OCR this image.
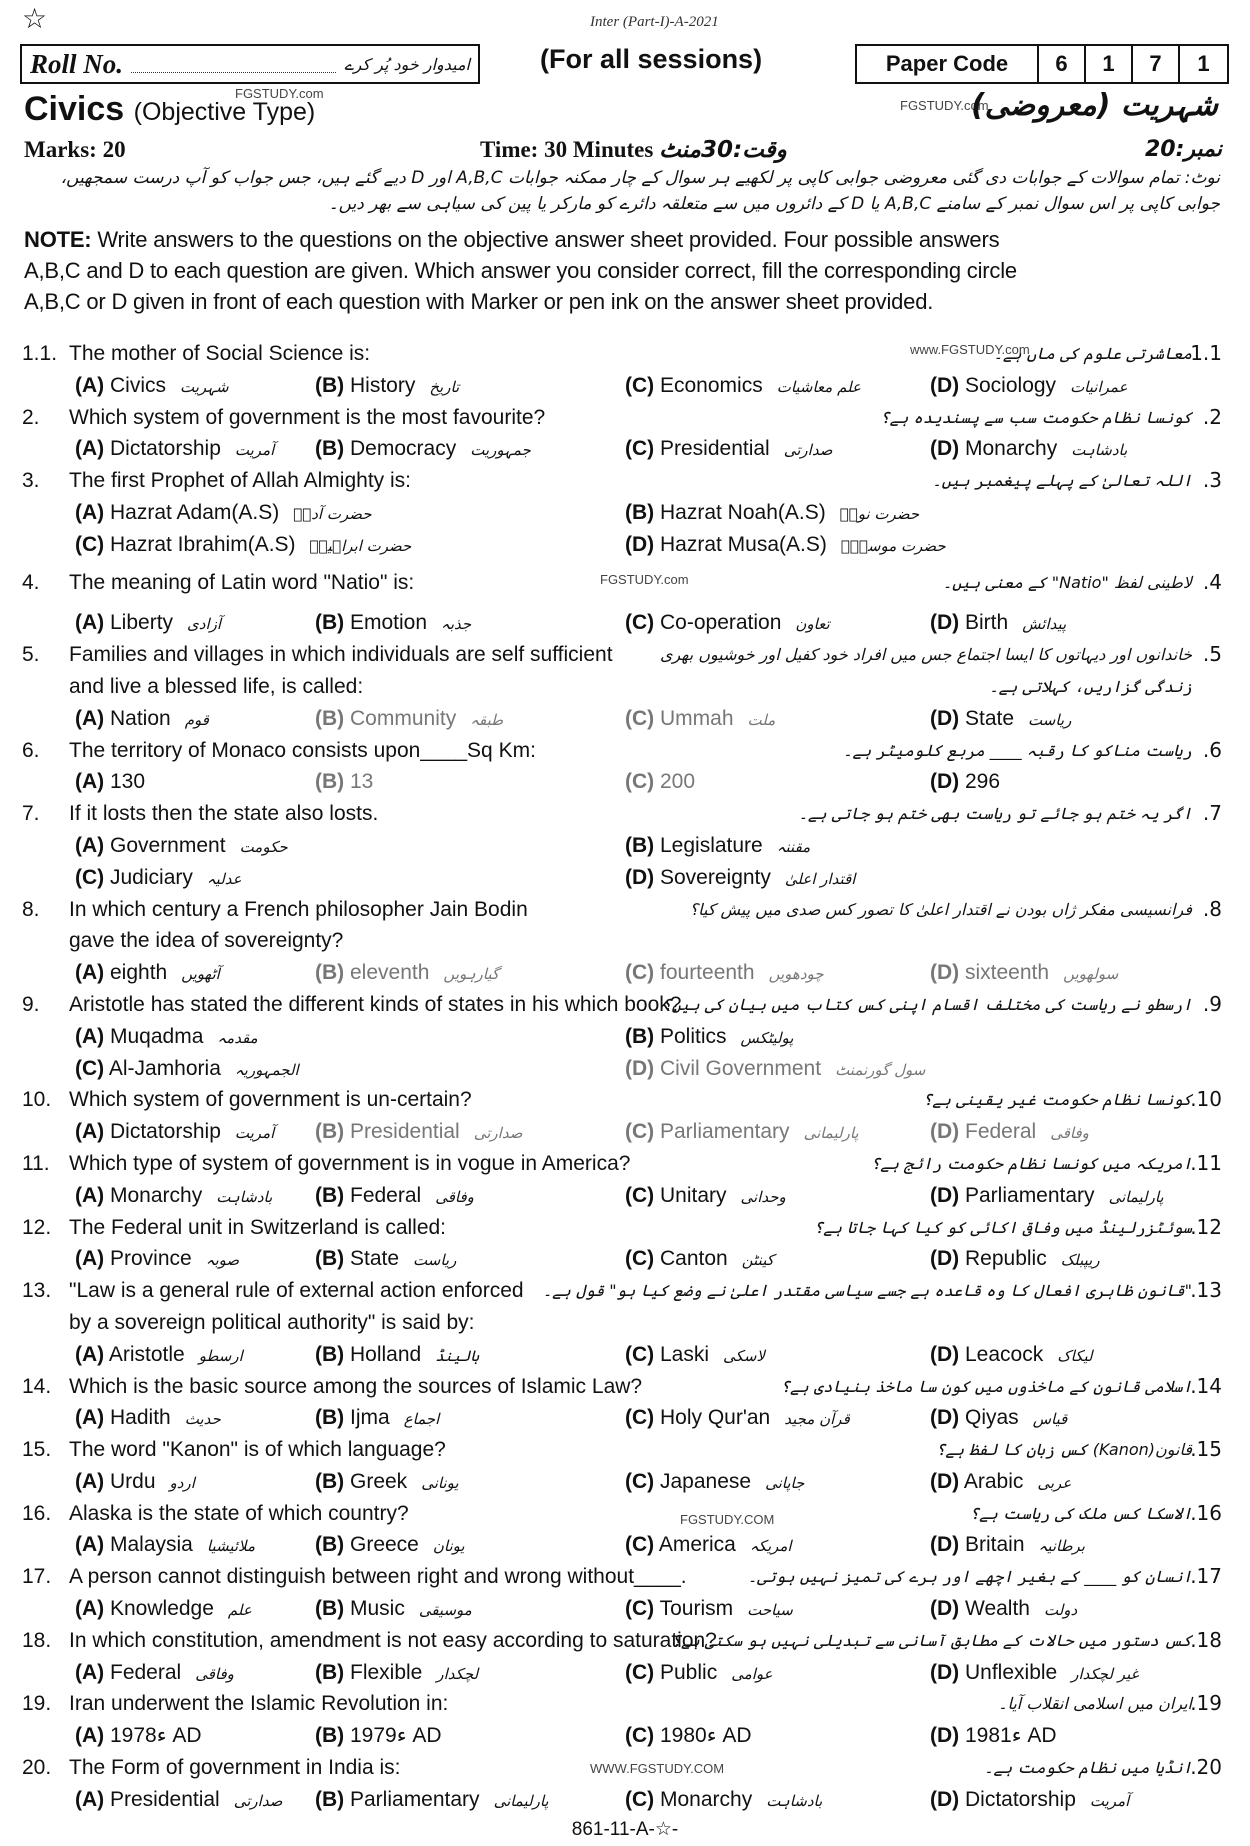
☆	Inter (Part-I)-A-2021
Roll No.	امیدوار خود پُر کرے	(For all sessions)	Paper Code	6	1	7	1
FGSTUDY.com
FGSTUDY.com
Civics (Objective Type)	شہریت (معروضی)
Marks: 20	Time: 30 Minutes وقت:30منٹ	نمبر:20
نوٹ: تمام سوالات کے جوابات دی گئی معروضی جوابی کاپی پر لکھیے ہر سوال کے چار ممکنہ جوابات A,B,C اور D دیے گئے ہیں، جس جواب کو آپ درست سمجھیں،
جوابی کاپی پر اس سوال نمبر کے سامنے A,B,C یا D کے دائروں میں سے متعلقہ دائرے کو مارکر یا پین کی سیاہی سے بھر دیں۔
NOTE: Write answers to the questions on the objective answer sheet provided. Four possible answers
A,B,C and D to each question are given. Which answer you consider correct, fill the corresponding circle
A,B,C or D given in front of each question with Marker or pen ink on the answer sheet provided.
1.1.	1.1
The mother of Social Science is:	معاشرتی علوم کی ماں ہے۔
(A) Civics شہریت	(B) History تاریخ	(C) Economics علم معاشیات	(D) Sociology عمرانیات
2.	2.
Which system of government is the most favourite?	کونسا نظام حکومت سب سے پسندیدہ ہے؟
(A) Dictatorship آمریت (B) Democracy جمہوریت	(C) Presidential صدارتی	(D) Monarchy بادشاہت
3.	3.
The first Prophet of Allah Almighty is:	اللہ تعالیٰ کے پہلے پیغمبر ہیں۔
(A) Hazrat Adam(A.S) حضرت آدمؑ	(B) Hazrat Noah(A.S) حضرت نوحؑ
(C) Hazrat Ibrahim(A.S) حضرت ابراہیمؑ	(D) Hazrat Musa(A.S) حضرت موسیٰؑ
4.	4.
The meaning of Latin word "Natio" is:	لاطینی لفظ "Natio" کے معنی ہیں۔
(A) Liberty آزادی	(B) Emotion جذبہ	(C) Co-operation تعاون	(D) Birth پیدائش
5.	5.
Families and villages in which individuals are self sufficient	خاندانوں اور دیہاتوں کا ایسا اجتماع جس میں افراد خود کفیل اور خوشیوں بھری
and live a blessed life, is called:	زندگی گزاریں، کہلاتی ہے۔
(A) Nation قوم	(B) Community طبقہ	(C) Ummah ملت	(D) State ریاست
6.	6.
The territory of Monaco consists upon____Sq Km:	ریاست مناکو کا رقبہ ____ مربع کلومیٹر ہے۔
(A) 130	(B) 13	(C) 200	(D) 296
7.	7.
If it losts then the state also losts.	اگر یہ ختم ہو جائے تو ریاست بھی ختم ہو جاتی ہے۔
(A) Government حکومت	(B) Legislature مقننہ
(C) Judiciary عدلیہ	(D) Sovereignty اقتدار اعلیٰ
8.	8.
In which century a French philosopher Jain Bodin	فرانسیسی مفکر ژاں بودن نے اقتدار اعلیٰ کا تصور کس صدی میں پیش کیا؟
gave the idea of sovereignty?
(A) eighth آٹھویں	(B) eleventh گیارہویں	(C) fourteenth چودھویں	(D) sixteenth سولھویں
9.	9.
Aristotle has stated the different kinds of states in his which book?
ارسطو نے ریاست کی مختلف اقسام اپنی کس کتاب میں بیان کی ہیں؟
(A) Muqadma مقدمہ	(B) Politics پولیٹکس
(C) Al-Jamhoria الجمہوریہ	(D) Civil Government سول گورنمنٹ
10.	10.
Which system of government is un-certain?	کونسا نظام حکومت غیر یقینی ہے؟
(A) Dictatorship آمریت (B) Presidential صدارتی	(C) Parliamentary پارلیمانی	(D) Federal وفاقی
11.	11.
Which type of system of government is in vogue in America?	امریکہ میں کونسا نظام حکومت رائج ہے؟
(A) Monarchy بادشاہت (B) Federal وفاقی	(C) Unitary وحدانی	(D) Parliamentary پارلیمانی
12.	12.
The Federal unit in Switzerland is called:	سوئٹزرلینڈ میں وفاقی اکائی کو کیا کہا جاتا ہے؟
(A) Province صوبہ	(B) State ریاست	(C) Canton کینٹن	(D) Republic ریپبلک
13.	13.
"Law is a general rule of external action enforced "قانون ظاہری افعال کا وہ قاعدہ ہے جسے سیاسی مقتدر اعلیٰ نے وضع کیا ہو" قول ہے۔
by a sovereign political authority" is said by:
(A) Aristotle ارسطو	(B) Holland ہالینڈ	(C) Laski لاسکی	(D) Leacock لیکاک
14.	14.
Which is the basic source among the sources of Islamic Law?	اسلامی قانون کے ماخذوں میں کون سا ماخذ بنیادی ہے؟
(A) Hadith حدیث	(B) Ijma اجماع	(C) Holy Qur'an قرآن مجید	(D) Qiyas قیاس
15.	15.
The word "Kanon" is of which language?	قانون(Kanon) کس زبان کا لفظ ہے؟
(A) Urdu اردو	(B) Greek یونانی	(C) Japanese جاپانی	(D) Arabic عربی
16.	16.
Alaska is the state of which country?	الاسکا کس ملک کی ریاست ہے؟
(A) Malaysia ملائیشیا	(B) Greece یونان	(C) America امریکہ	(D) Britain برطانیہ
17.	17.
A person cannot distinguish between right and wrong without____.	انسان کو ____ کے بغیر اچھے اور برے کی تمیز نہیں ہوتی۔
(A) Knowledge علم	(B) Music موسیقی	(C) Tourism سیاحت	(D) Wealth دولت
18.	18.
In which constitution, amendment is not easy according to saturation?
کس دستور میں حالات کے مطابق آسانی سے تبدیلی نہیں ہو سکتی ہے؟
(A) Federal وفاقی	(B) Flexible لچکدار	(C) Public عوامی	(D) Unflexible غیر لچکدار
19.	19.
Iran underwent the Islamic Revolution in:	ایران میں اسلامی انقلاب آیا۔
(A) ء1978 AD	(B) ء1979 AD	(C) ء1980 AD	(D) ء1981 AD
20.	20.
The Form of government in India is:	انڈیا میں نظام حکومت ہے۔
(A) Presidential صدارتی (B) Parliamentary پارلیمانی	(C) Monarchy بادشاہت	(D) Dictatorship آمریت
www.FGSTUDY.com
FGSTUDY.com
FGSTUDY.COM
WWW.FGSTUDY.COM
861-11-A-☆-
